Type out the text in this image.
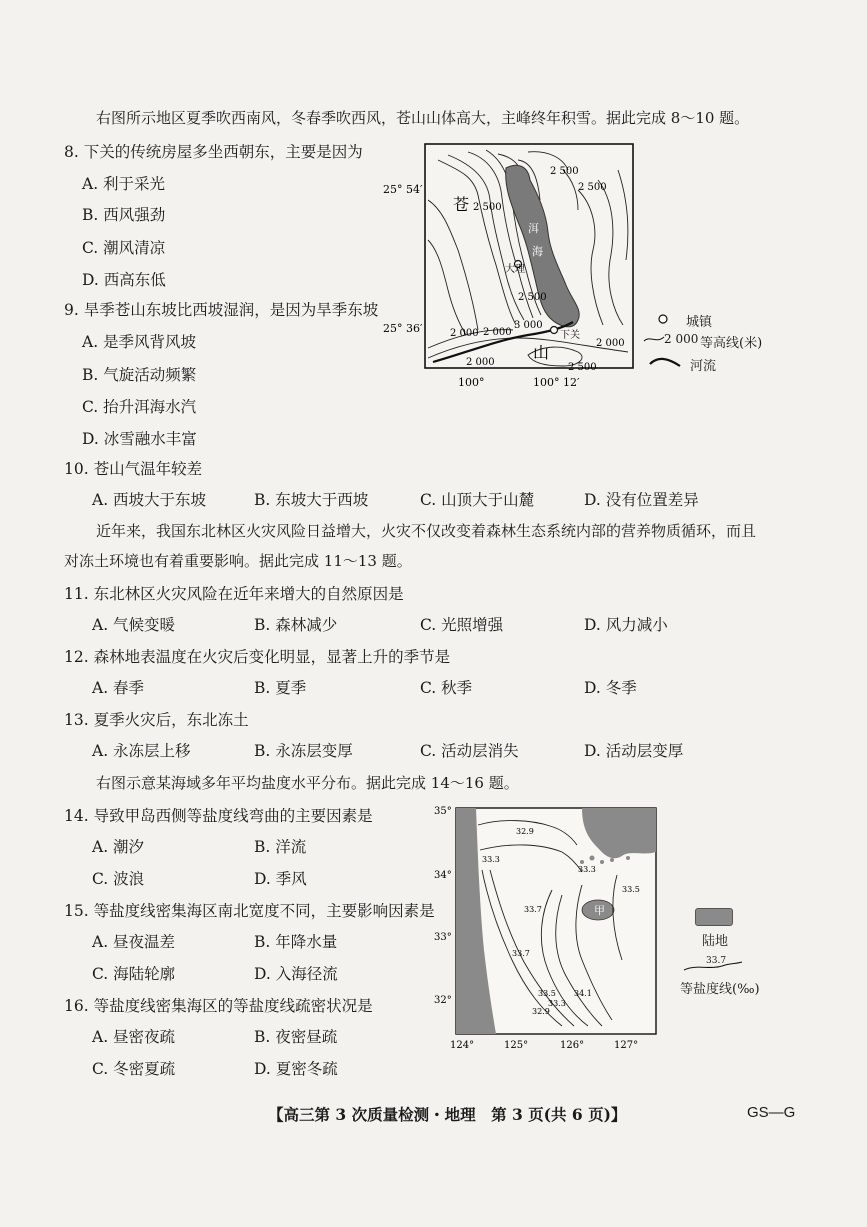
右图所示地区夏季吹西南风，冬春季吹西风，苍山山体高大，主峰终年积雪。据此完成 8～10 题。
8. 下关的传统房屋多坐西朝东，主要是因为
A. 利于采光
B. 西风强劲
C. 潮风清凉
D. 西高东低
9. 旱季苍山东坡比西坡湿润，是因为旱季东坡
A. 是季风背风坡
B. 气旋活动频繁
C. 抬升洱海水汽
D. 冰雪融水丰富
10. 苍山气温年较差
A. 西坡大于东坡	B. 东坡大于西坡	C. 山顶大于山麓	D. 没有位置差异
25° 54′
25° 36′
100°	100° 12′
苍
山
洱
海
大理
下关
2 500
2 500
2 500
2 000
2 000
3 000
2 000	2 500
2 000
2 500
城镇
2 000 等高线(米)
河流
近年来，我国东北林区火灾风险日益增大，火灾不仅改变着森林生态系统内部的营养物质循环，而且
对冻土环境也有着重要影响。据此完成 11～13 题。
11. 东北林区火灾风险在近年来增大的自然原因是
A. 气候变暖	B. 森林减少	C. 光照增强	D. 风力减小
12. 森林地表温度在火灾后变化明显，显著上升的季节是
A. 春季	B. 夏季	C. 秋季	D. 冬季
13. 夏季火灾后，东北冻土
A. 永冻层上移	B. 永冻层变厚	C. 活动层消失	D. 活动层变厚
右图示意某海域多年平均盐度水平分布。据此完成 14～16 题。
14. 导致甲岛西侧等盐度线弯曲的主要因素是
A. 潮汐	B. 洋流
C. 波浪	D. 季风
15. 等盐度线密集海区南北宽度不同，主要影响因素是
A. 昼夜温差	B. 年降水量
C. 海陆轮廓	D. 入海径流
16. 等盐度线密集海区的等盐度线疏密状况是
A. 昼密夜疏	B. 夜密昼疏
C. 冬密夏疏	D. 夏密冬疏
35°
34°
33°
32°
124°	125°	126°	127°
甲
32.9
33.3
33.3
33.7
33.7
33.5
33.3
32.9
34.1
33.5
陆地
33.7
等盐度线(‰)
【高三第 3 次质量检测・地理　第 3 页(共 6 页)】	GS—G
